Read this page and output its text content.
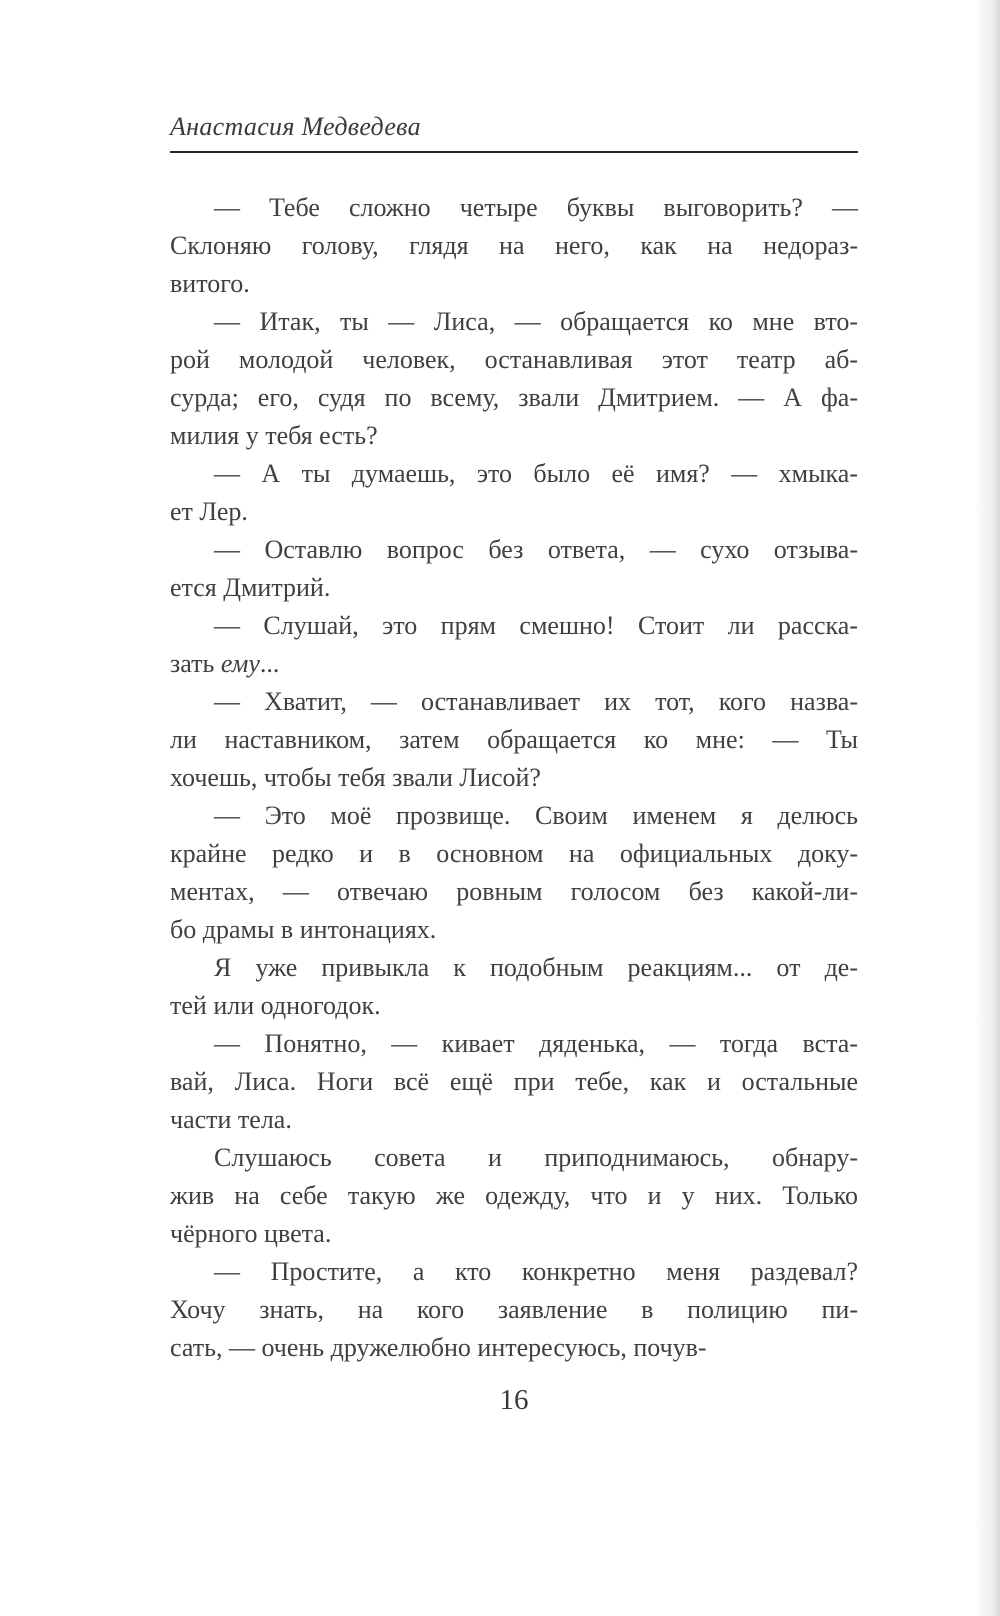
Анастасия Медведева
— Тебе сложно четыре буквы выговорить? —
Склоняю голову, глядя на него, как на недораз-
витого.
— Итак, ты — Лиса, — обращается ко мне вто-
рой молодой человек, останавливая этот театр аб-
сурда; его, судя по всему, звали Дмитрием. — А фа-
милия у тебя есть?
— А ты думаешь, это было её имя? — хмыка-
ет Лер.
— Оставлю вопрос без ответа, — сухо отзыва-
ется Дмитрий.
— Слушай, это прям смешно! Стоит ли расска-
зать ему...
— Хватит, — останавливает их тот, кого назва-
ли наставником, затем обращается ко мне: — Ты
хочешь, чтобы тебя звали Лисой?
— Это моё прозвище. Своим именем я делюсь
крайне редко и в основном на официальных доку-
ментах, — отвечаю ровным голосом без какой-ли-
бо драмы в интонациях.
Я уже привыкла к подобным реакциям... от де-
тей или одногодок.
— Понятно, — кивает дяденька, — тогда вста-
вай, Лиса. Ноги всё ещё при тебе, как и остальные
части тела.
Слушаюсь совета и приподнимаюсь, обнару-
жив на себе такую же одежду, что и у них. Только
чёрного цвета.
— Простите, а кто конкретно меня раздевал?
Хочу знать, на кого заявление в полицию пи-
сать, — очень дружелюбно интересуюсь, почув-
16
